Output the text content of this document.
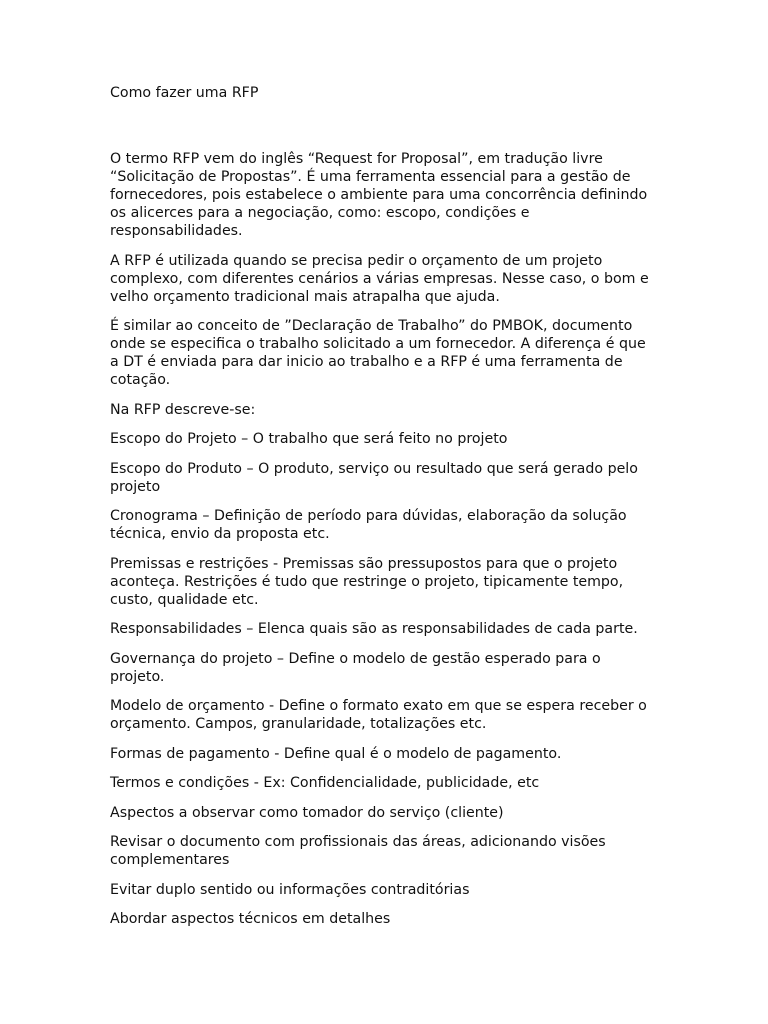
Como fazer uma RFP

O termo RFP vem do inglês “Request for Proposal”, em tradução livre “Solicitação de Propostas”. É uma ferramenta essencial para a gestão de fornecedores, pois estabelece o ambiente para uma concorrência definindo os alicerces para a negociação, como: escopo, condições e responsabilidades.

A RFP é utilizada quando se precisa pedir o orçamento de um projeto complexo, com diferentes cenários a várias empresas. Nesse caso, o bom e velho orçamento tradicional mais atrapalha que ajuda.

É similar ao conceito de ”Declaração de Trabalho” do PMBOK, documento onde se especifica o trabalho solicitado a um fornecedor. A diferença é que a DT é enviada para dar inicio ao trabalho e a RFP é uma ferramenta de cotação.

Na RFP descreve-se:

Escopo do Projeto – O trabalho que será feito no projeto

Escopo do Produto – O produto, serviço ou resultado que será gerado pelo projeto

Cronograma – Definição de período para dúvidas, elaboração da solução técnica, envio da proposta etc.

Premissas e restrições - Premissas são pressupostos para que o projeto aconteça. Restrições é tudo que restringe o projeto, tipicamente tempo, custo, qualidade etc.

Responsabilidades – Elenca quais são as responsabilidades de cada parte.

Governança do projeto – Define o modelo de gestão esperado para o projeto.

Modelo de orçamento - Define o formato exato em que se espera receber o orçamento. Campos, granularidade, totalizações etc.

Formas de pagamento - Define qual é o modelo de pagamento.

Termos e condições - Ex: Confidencialidade, publicidade, etc

Aspectos a observar como tomador do serviço (cliente)

Revisar o documento com profissionais das áreas, adicionando visões complementares

Evitar duplo sentido ou informações contraditórias

Abordar aspectos técnicos em detalhes
